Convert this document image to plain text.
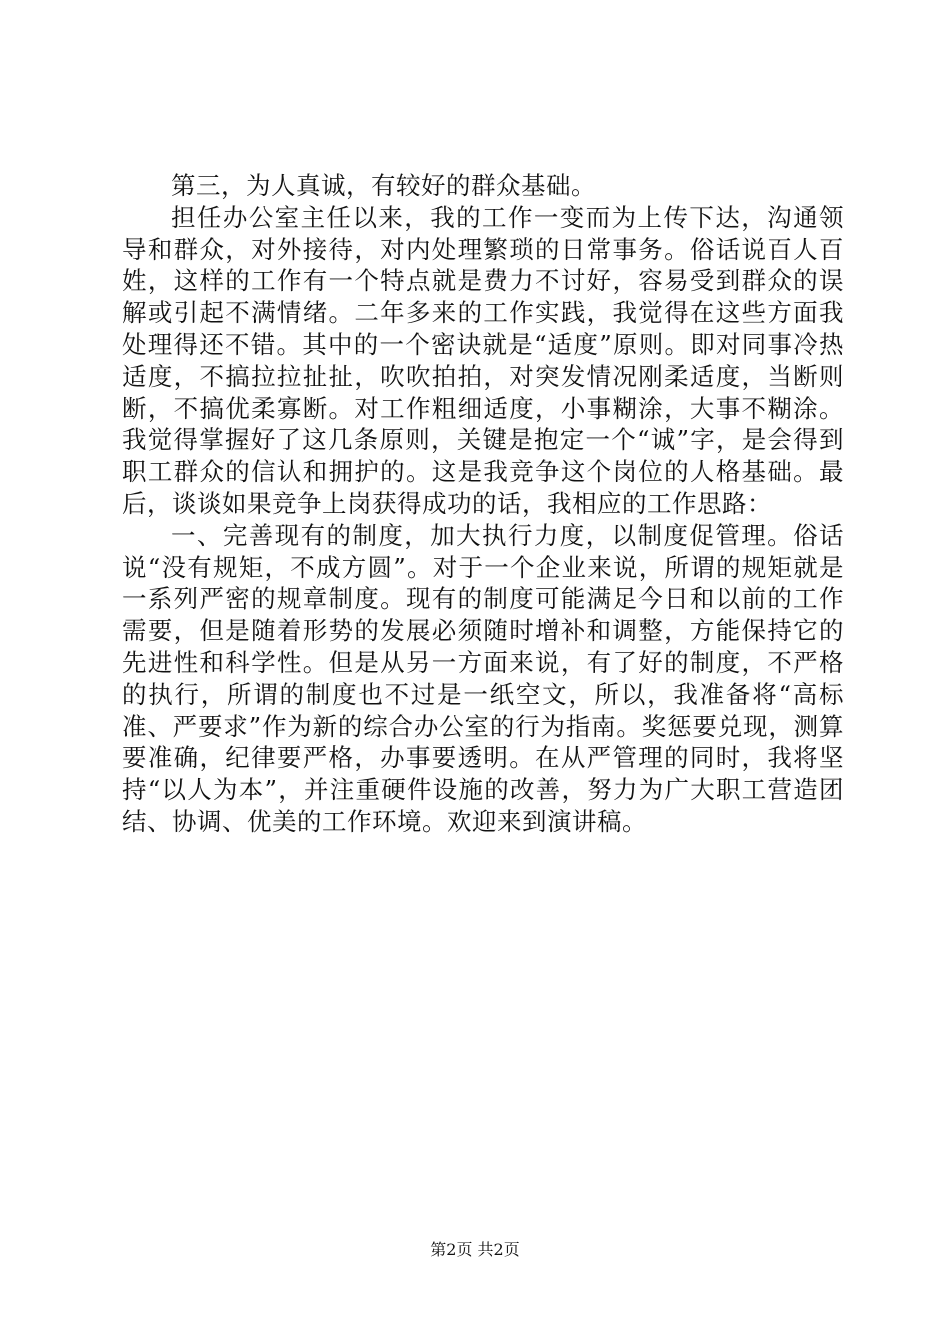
第三，为人真诚，有较好的群众基础。

担任办公室主任以来，我的工作一变而为上传下达，沟通领导和群众，对外接待，对内处理繁琐的日常事务。俗话说百人百姓，这样的工作有一个特点就是费力不讨好，容易受到群众的误解或引起不满情绪。二年多来的工作实践，我觉得在这些方面我处理得还不错。其中的一个密诀就是“适度”原则。即对同事冷热适度，不搞拉拉扯扯，吹吹拍拍，对突发情况刚柔适度，当断则断，不搞优柔寡断。对工作粗细适度，小事糊涂，大事不糊涂。我觉得掌握好了这几条原则，关键是抱定一个“诚”字，是会得到职工群众的信认和拥护的。这是我竞争这个岗位的人格基础。最后，谈谈如果竞争上岗获得成功的话，我相应的工作思路：

一、完善现有的制度，加大执行力度，以制度促管理。俗话说“没有规矩，不成方圆”。对于一个企业来说，所谓的规矩就是一系列严密的规章制度。现有的制度可能满足今日和以前的工作需要，但是随着形势的发展必须随时增补和调整，方能保持它的先进性和科学性。但是从另一方面来说，有了好的制度，不严格的执行，所谓的制度也不过是一纸空文，所以，我准备将“高标准、严要求”作为新的综合办公室的行为指南。奖惩要兑现，测算要准确，纪律要严格，办事要透明。在从严管理的同时，我将坚持“以人为本”，并注重硬件设施的改善，努力为广大职工营造团结、协调、优美的工作环境。欢迎来到演讲稿。

第2页 共2页
